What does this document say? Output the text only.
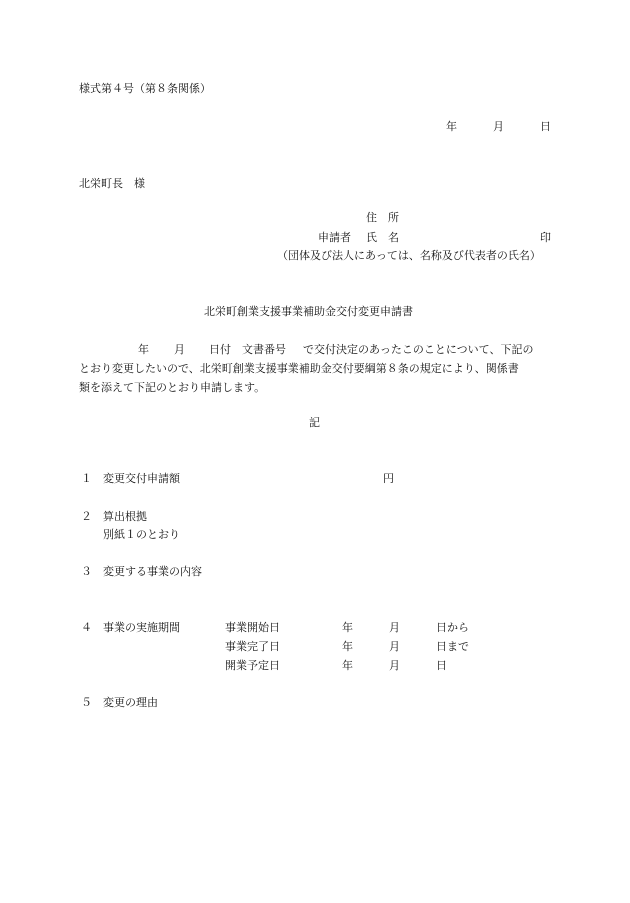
様式第４号（第８条関係）
年	月	日
北栄町長　様
住　所
申請者 氏　名	印
（団体及び法人にあっては、名称及び代表者の氏名）
北栄町創業支援事業補助金交付変更申請書
年 月 日付　文書番号 で交付決定のあったこのことについて、下記の
とおり変更したいので、北栄町創業支援事業補助金交付要綱第８条の規定により、関係書
類を添えて下記のとおり申請します。
記
１ 変更交付申請額	円
２ 算出根拠
別紙１のとおり
３ 変更する事業の内容
４ 事業の実施期間	事業開始日	年	月	日から
事業完了日	年	月	日まで
開業予定日	年	月	日
５ 変更の理由
